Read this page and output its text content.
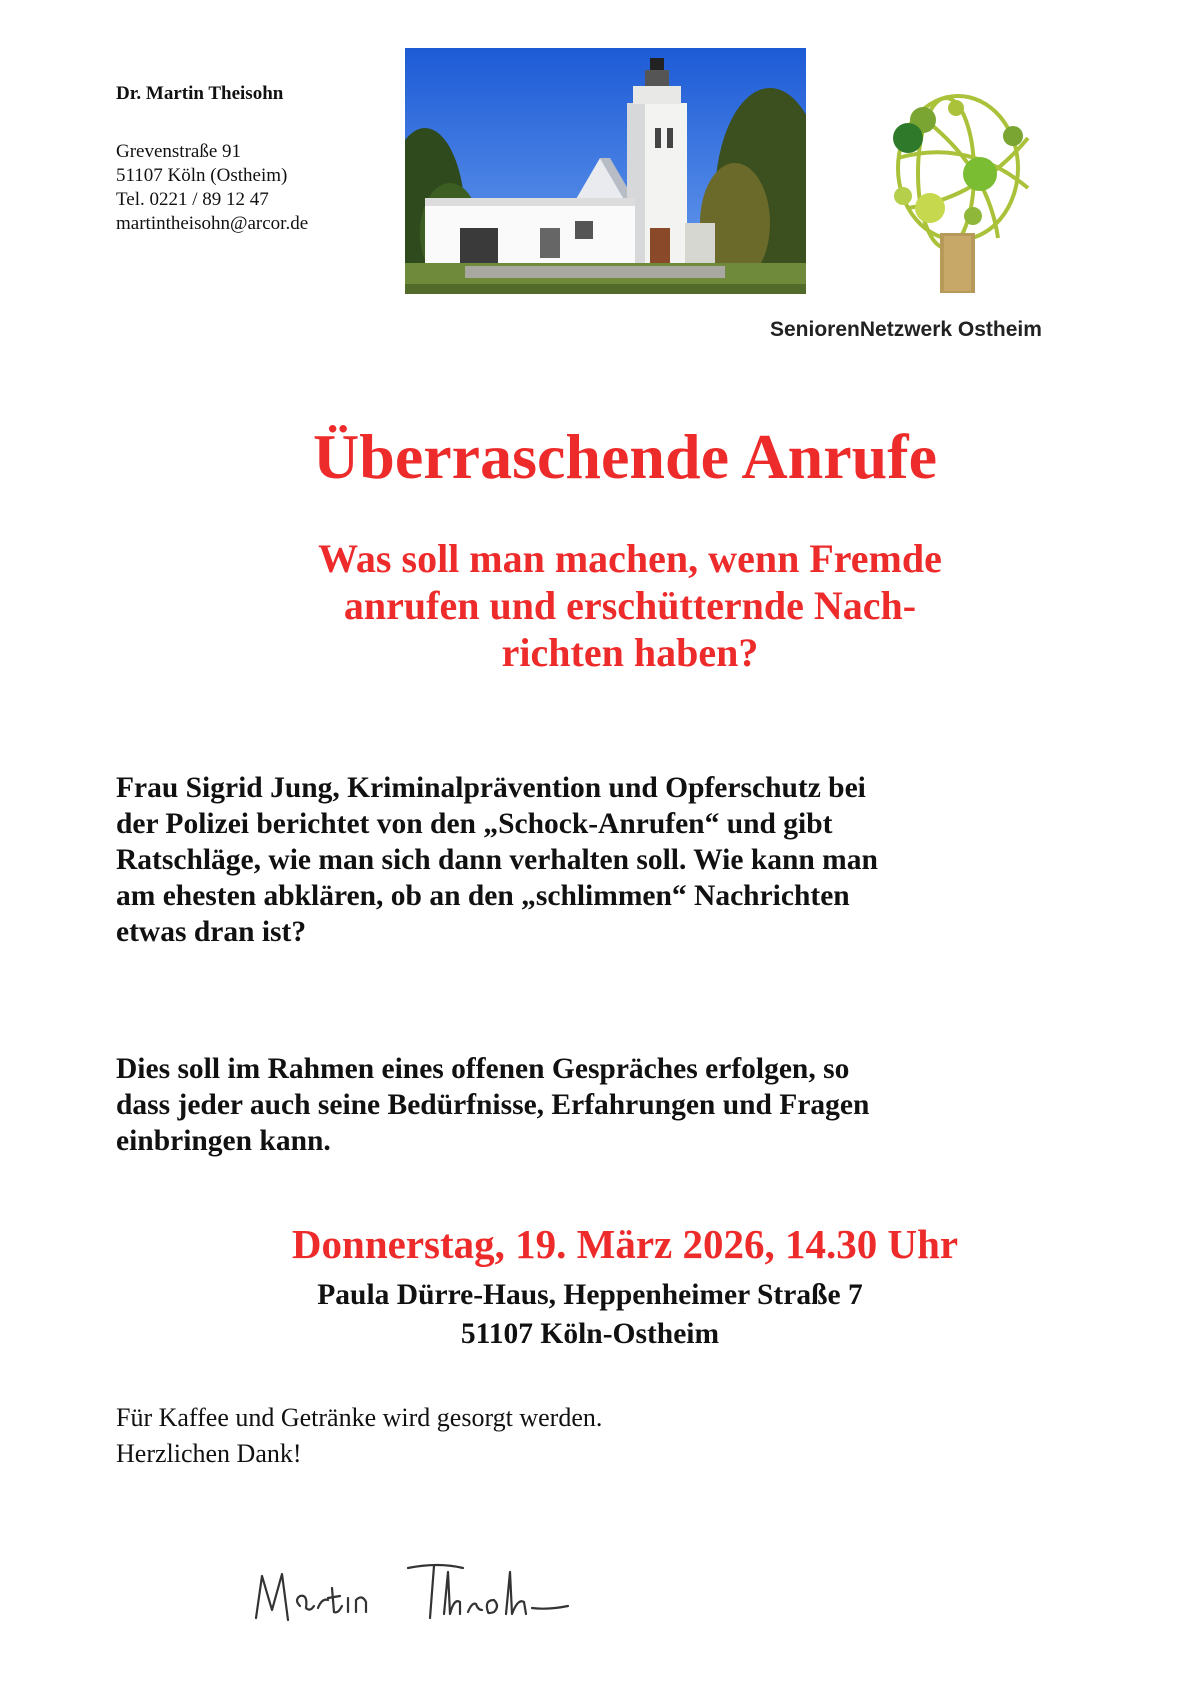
Dr. Martin Theisohn
Grevenstraße 91
51107 Köln (Ostheim)
Tel. 0221 / 89 12 47
martintheisohn@arcor.de
SeniorenNetzwerk Ostheim
Überraschende Anrufe
Was soll man machen, wenn Fremde
anrufen und erschütternde Nach-
richten haben?
Frau Sigrid Jung, Kriminalprävention und Opferschutz bei
der Polizei berichtet von den „Schock-Anrufen“ und gibt
Ratschläge, wie man sich dann verhalten soll. Wie kann man
am ehesten abklären, ob an den „schlimmen“ Nachrichten
etwas dran ist?
Dies soll im Rahmen eines offenen Gespräches erfolgen, so
dass jeder auch seine Bedürfnisse, Erfahrungen und Fragen
einbringen kann.
Donnerstag, 19. März 2026, 14.30 Uhr
Paula Dürre-Haus, Heppenheimer Straße 7
51107 Köln-Ostheim
Für Kaffee und Getränke wird gesorgt werden.
Herzlichen Dank!
